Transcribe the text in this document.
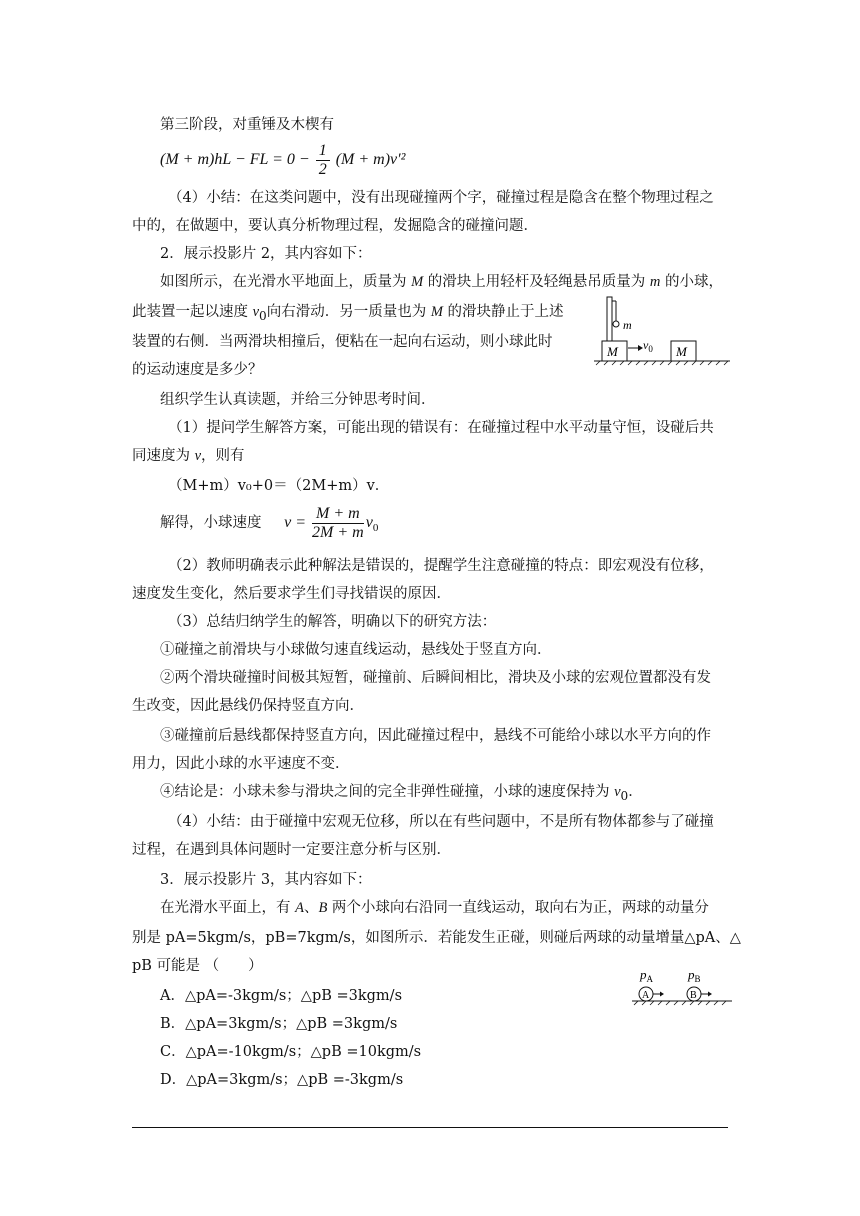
第三阶段，对重锤及木楔有
(M + m)hL − FL = $0 - \frac{1}{2} (M + m)v'^2$
（4）小结：在这类问题中，没有出现碰撞两个字，碰撞过程是隐含在整个物理过程之
中的，在做题中，要认真分析物理过程，发掘隐含的碰撞问题．
2．展示投影片 2，其内容如下：
如图所示，在光滑水平地面上，质量为 M 的滑块上用轻杆及轻绳悬吊质量为 m 的小球，
此装置一起以速度 $v_0$向右滑动．另一质量也为 M 的滑块静止于上述
装置的右侧．当两滑块相撞后，便粘在一起向右运动，则小球此时
的运动速度是多少？
m
M $v_0$ M
组织学生认真读题，并给三分钟思考时间．
（1）提问学生解答方案，可能出现的错误有：在碰撞过程中水平动量守恒，设碰后共
同速度为 v，则有
（M+m）v₀+0＝（2M+m）v．
解得，小球速度 $v = \frac{M + m}{2M + m} v_0$
（2）教师明确表示此种解法是错误的，提醒学生注意碰撞的特点：即宏观没有位移，
速度发生变化，然后要求学生们寻找错误的原因．
（3）总结归纳学生的解答，明确以下的研究方法：
①碰撞之前滑块与小球做匀速直线运动，悬线处于竖直方向．
②两个滑块碰撞时间极其短暂，碰撞前、后瞬间相比，滑块及小球的宏观位置都没有发
生改变，因此悬线仍保持竖直方向．
③碰撞前后悬线都保持竖直方向，因此碰撞过程中，悬线不可能给小球以水平方向的作
用力，因此小球的水平速度不变．
④结论是：小球未参与滑块之间的完全非弹性碰撞，小球的速度保持为 $v_0$．
（4）小结：由于碰撞中宏观无位移，所以在有些问题中，不是所有物体都参与了碰撞
过程，在遇到具体问题时一定要注意分析与区别．
3．展示投影片 3，其内容如下：
在光滑水平面上，有 A、B 两个小球向右沿同一直线运动，取向右为正，两球的动量分
别是 pA=5kgm/s，pB=7kgm/s，如图所示．若能发生正碰，则碰后两球的动量增量△pA、△
pB 可能是 （　　）
$p_A$	$p_B$
A	B
A．△pA=-3kgm/s；△pB =3kgm/s
B．△pA=3kgm/s；△pB =3kgm/s
C．△pA=-10kgm/s；△pB =10kgm/s
D．△pA=3kgm/s；△pB =-3kgm/s
